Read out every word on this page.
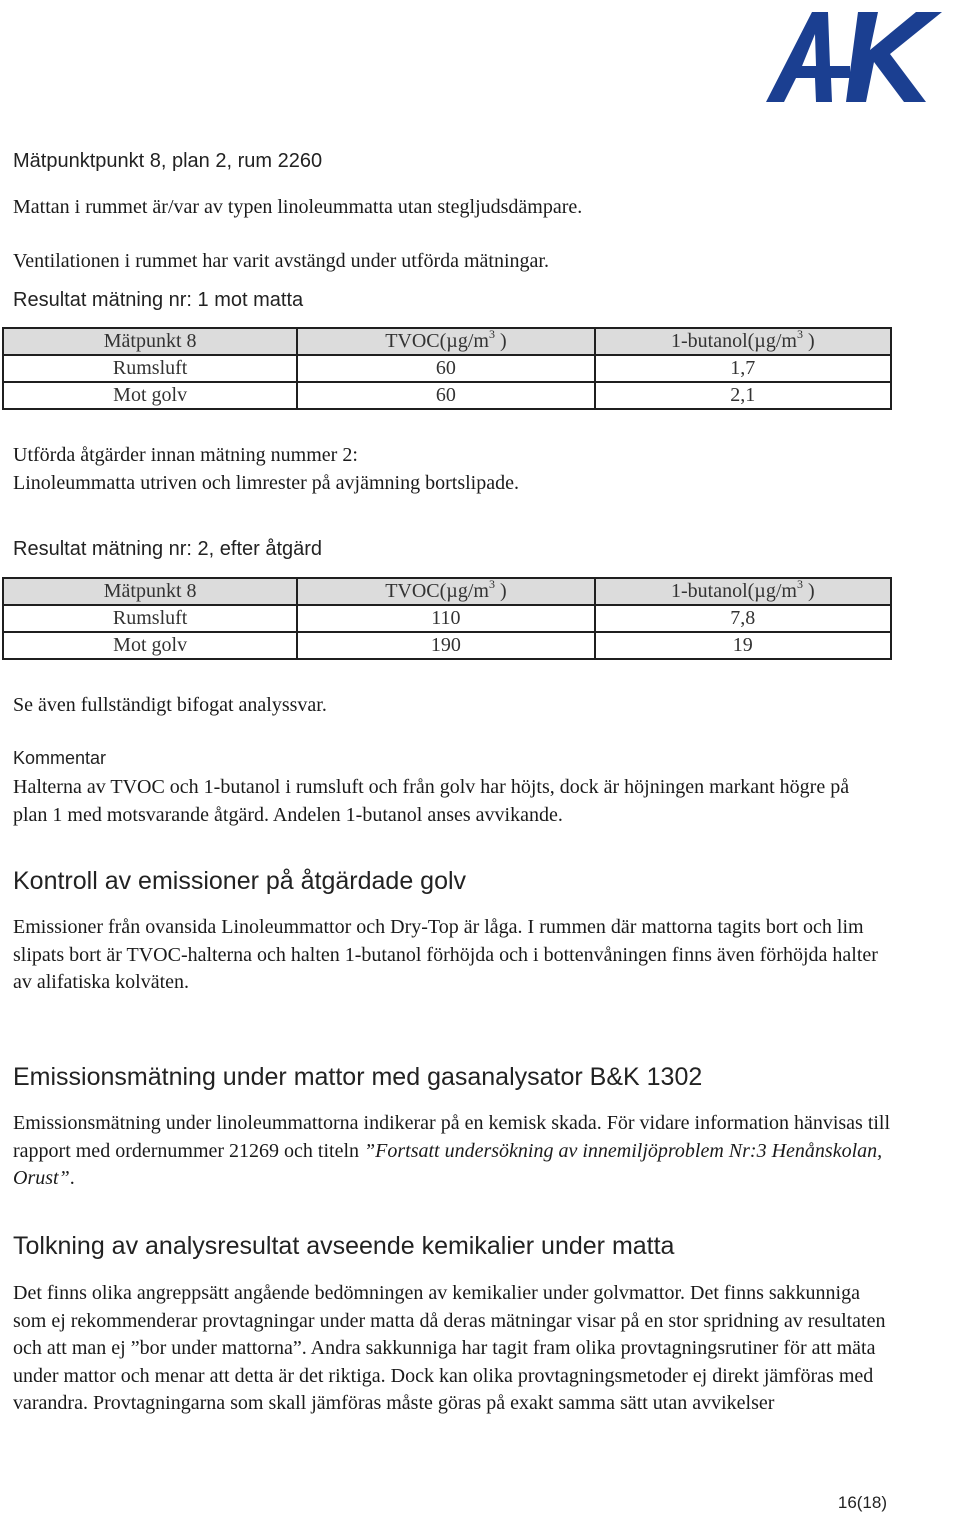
Mätpunktpunkt 8, plan 2, rum 2260
Mattan i rummet är/var av typen linoleummatta utan stegljudsdämpare.
Ventilationen i rummet har varit avstängd under utförda mätningar.
Resultat mätning nr: 1 mot matta
Mätpunkt 8	$TVOC(\mu g/m^3$ )	$1-butanol(\mu g/m^3$ )
Rumsluft	60	1,7
Mot golv	60	2,1

Utförda åtgärder innan mätning nummer 2:

Linoleummatta utriven och limrester på avjämning bortslipade.

Resultat mätning nr: 2, efter åtgärd
Mätpunkt 8	$TVOC(\mu g/m^3$ )	$1-butanol(\mu g/m^3$ )
Rumsluft	110	7,8
Mot golv	190	19
Se även fullständigt bifogat analyssvar.
Kommentar
Halterna av TVOC och 1-butanol i rumsluft och från golv har höjts, dock är höjningen markant högre på plan 1 med motsvarande åtgärd. Andelen 1-butanol anses avvikande.
Kontroll av emissioner på åtgärdade golv
Emissioner från ovansida Linoleummattor och Dry-Top är låga. I rummen där mattorna tagits bort och lim slipats bort är TVOC-halterna och halten 1-butanol förhöjda och i bottenvåningen finns även förhöjda halter av alifatiska kolväten.
Emissionsmätning under mattor med gasanalysator B&K 1302
Emissionsmätning under linoleummattorna indikerar på en kemisk skada. För vidare information hänvisas till rapport med ordernummer 21269 och titeln ”Fortsatt undersökning av innemiljöproblem Nr:3 Henånskolan, Orust”.
Tolkning av analysresultat avseende kemikalier under matta
Det finns olika angreppsätt angående bedömningen av kemikalier under golvmattor. Det finns sakkunniga som ej rekommenderar provtagningar under matta då deras mätningar visar på en stor spridning av resultaten och att man ej ”bor under mattorna”. Andra sakkunniga har tagit fram olika provtagningsrutiner för att mäta under mattor och menar att detta är det riktiga. Dock kan olika provtagningsmetoder ej direkt jämföras med varandra. Provtagningarna som skall jämföras måste göras på exakt samma sätt utan avvikelser
16(18)
